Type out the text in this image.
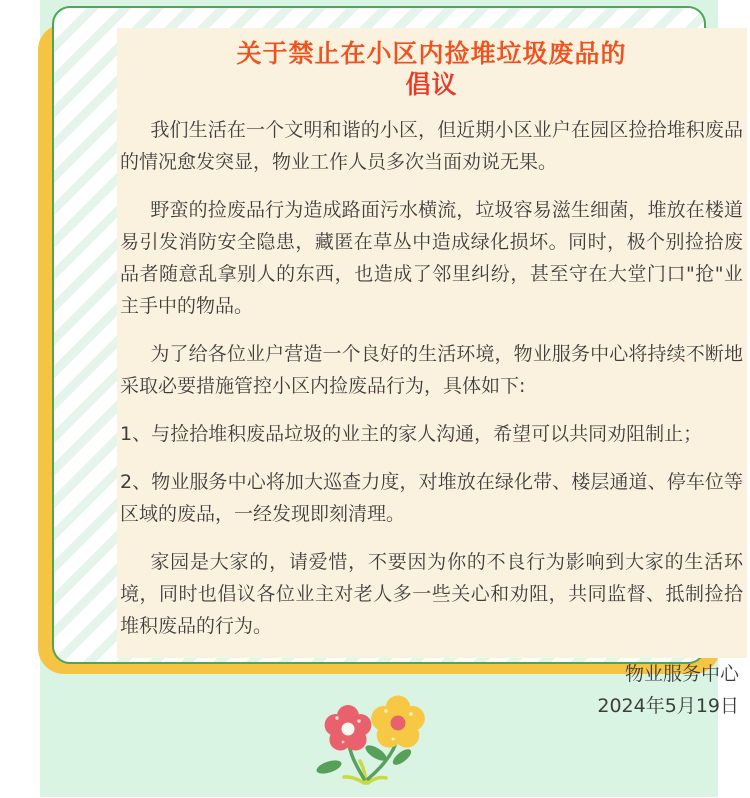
关于禁止在小区内捡堆垃圾废品的
倡议

我们生活在一个文明和谐的小区，但近期小区业户在园区捡拾堆积废品的情况愈发突显，物业工作人员多次当面劝说无果。

野蛮的捡废品行为造成路面污水横流，垃圾容易滋生细菌，堆放在楼道易引发消防安全隐患，藏匿在草丛中造成绿化损坏。同时，极个别捡拾废品者随意乱拿别人的东西，也造成了邻里纠纷，甚至守在大堂门口"抢"业主手中的物品。

为了给各位业户营造一个良好的生活环境，物业服务中心将持续不断地采取必要措施管控小区内捡废品行为，具体如下:

1、与捡拾堆积废品垃圾的业主的家人沟通，希望可以共同劝阻制止；

2、物业服务中心将加大巡查力度，对堆放在绿化带、楼层通道、停车位等区域的废品，一经发现即刻清理。

家园是大家的，请爱惜，不要因为你的不良行为影响到大家的生活环境，同时也倡议各位业主对老人多一些关心和劝阻，共同监督、抵制捡拾堆积废品的行为。

物业服务中心

2024年5月19日
